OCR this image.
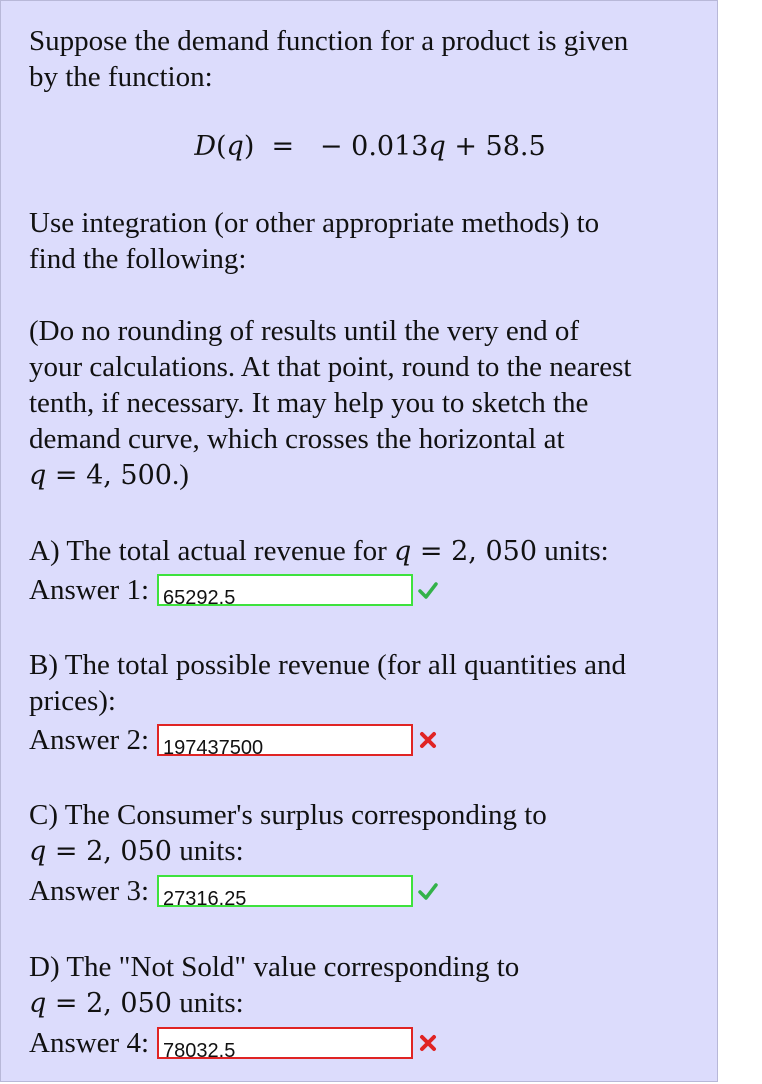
Suppose the demand function for a product is given
by the function:

D(q)  =   − 0.013q + 58.5

Use integration (or other appropriate methods) to
find the following:

(Do no rounding of results until the very end of
your calculations. At that point, round to the nearest
tenth, if necessary. It may help you to sketch the
demand curve, which crosses the horizontal at
q = 4, 500.)

A) The total actual revenue for q = 2, 050 units:

Answer 1: 65292.5

B) The total possible revenue (for all quantities and
prices):

Answer 2: 197437500

C) The Consumer's surplus corresponding to
q = 2, 050 units:

Answer 3: 27316.25

D) The "Not Sold" value corresponding to
q = 2, 050 units:

Answer 4: 78032.5
